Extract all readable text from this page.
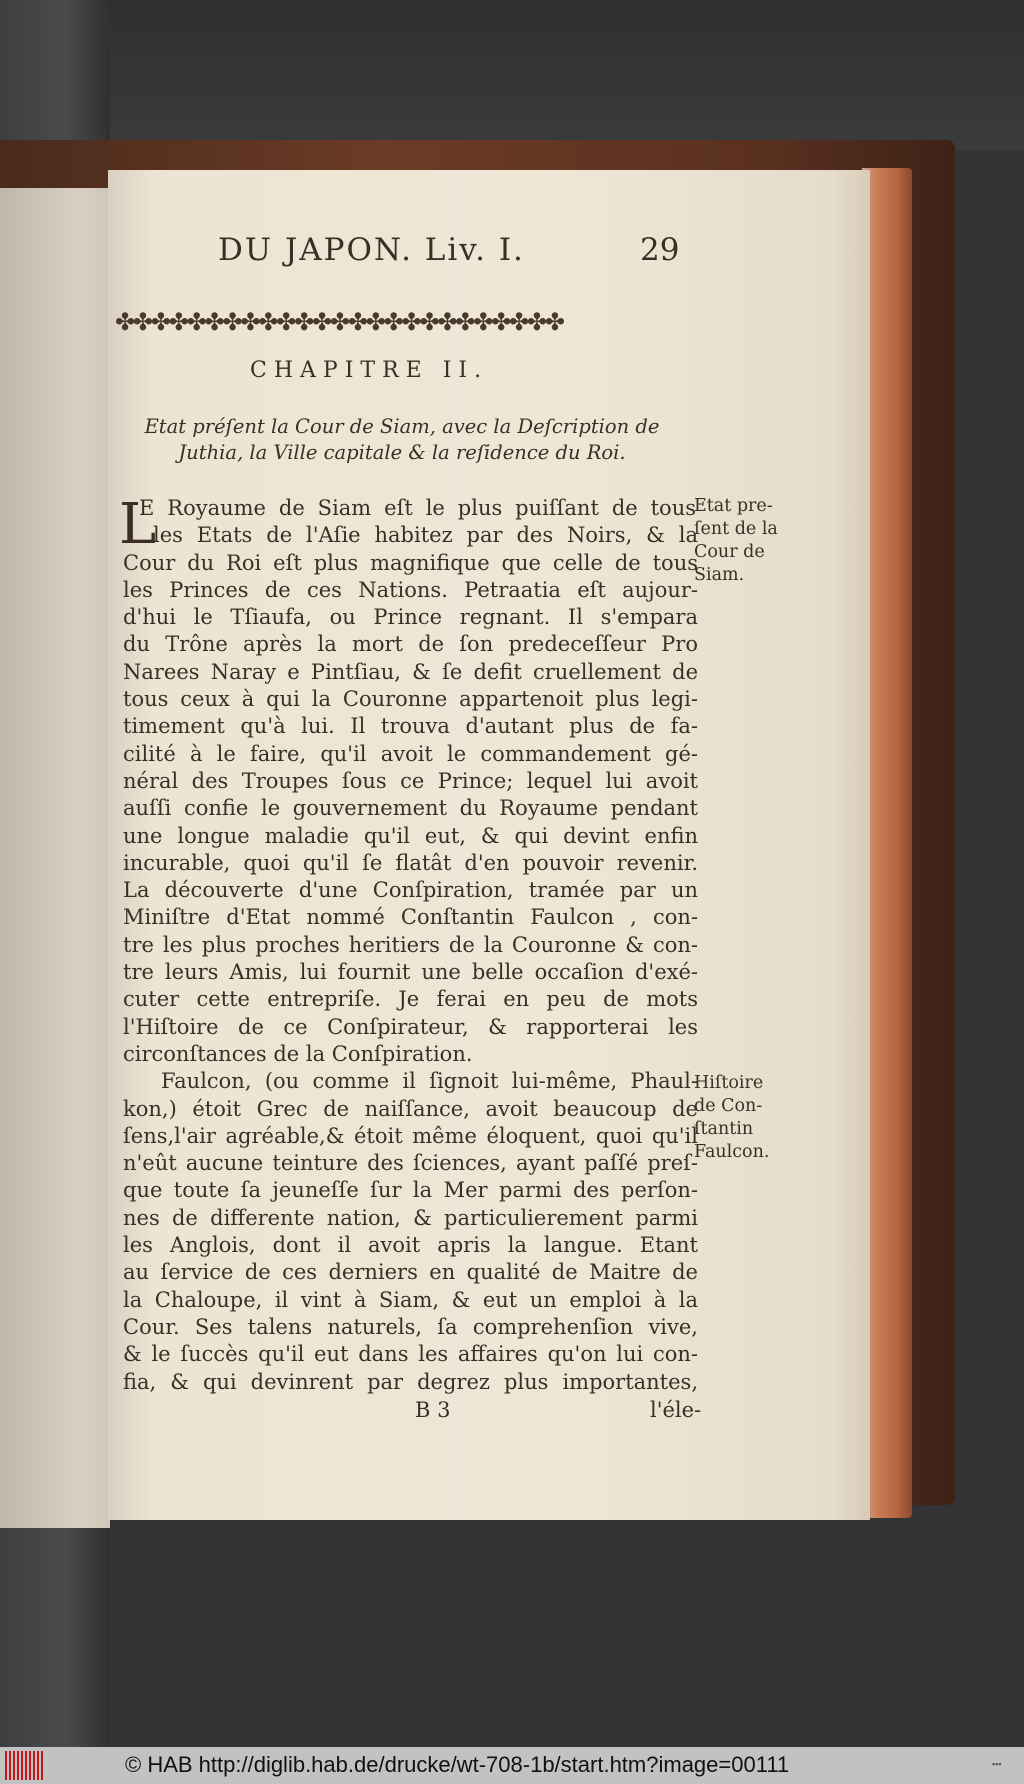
DU JAPON. Liv. I.	29
✤✤✤✤✤✤✤✤✤✤✤✤✤✤✤✤✤✤✤✤✤✤✤✤✤
CHAPITRE II.
Etat préſent la Cour de Siam, avec la Deſcription de
Juthia, la Ville capitale & la reſidence du Roi.
L
E Royaume de Siam eſt le plus puiſſant de tous
les Etats de l'Aſie habitez par des Noirs, & la
Cour du Roi eſt plus magnifique que celle de tous
les Princes de ces Nations. Petraatia eſt aujour-
d'hui le Tſiaufa, ou Prince regnant. Il s'empara
du Trône après la mort de ſon predeceſſeur Pro
Narees Naray e Pintſiau, & ſe defit cruellement de
tous ceux à qui la Couronne appartenoit plus legi-
timement qu'à lui. Il trouva d'autant plus de fa-
cilité à le faire, qu'il avoit le commandement gé-
néral des Troupes ſous ce Prince; lequel lui avoit
auſſi confie le gouvernement du Royaume pendant
une longue maladie qu'il eut, & qui devint enfin
incurable, quoi qu'il ſe flatât d'en pouvoir revenir.
La découverte d'une Conſpiration, tramée par un
Miniſtre d'Etat nommé Conſtantin Faulcon , con-
tre les plus proches heritiers de la Couronne & con-
tre leurs Amis, lui fournit une belle occaſion d'exé-
cuter cette entrepriſe. Je ferai en peu de mots
l'Hiſtoire de ce Conſpirateur, & rapporterai les
circonſtances de la Conſpiration.
Faulcon, (ou comme il ſignoit lui-même, Phaul-
kon,) étoit Grec de naiſſance, avoit beaucoup de
ſens,l'air agréable,& étoit même éloquent, quoi qu'il
n'eût aucune teinture des ſciences, ayant paſſé preſ-
que toute ſa jeuneſſe ſur la Mer parmi des perſon-
nes de differente nation, & particulierement parmi
les Anglois, dont il avoit apris la langue. Etant
au ſervice de ces derniers en qualité de Maitre de
la Chaloupe, il vint à Siam, & eut un emploi à la
Cour. Ses talens naturels, ſa comprehenſion vive,
& le ſuccès qu'il eut dans les affaires qu'on lui con-
fia, & qui devinrent par degrez plus importantes,
Etat pre-
ſent de la
Cour de
Siam.
Hiſtoire
de Con-
ſtantin
Faulcon.
B 3	l'éle-
© HAB http://diglib.hab.de/drucke/wt-708-1b/start.htm?image=00111	▪▪▪
